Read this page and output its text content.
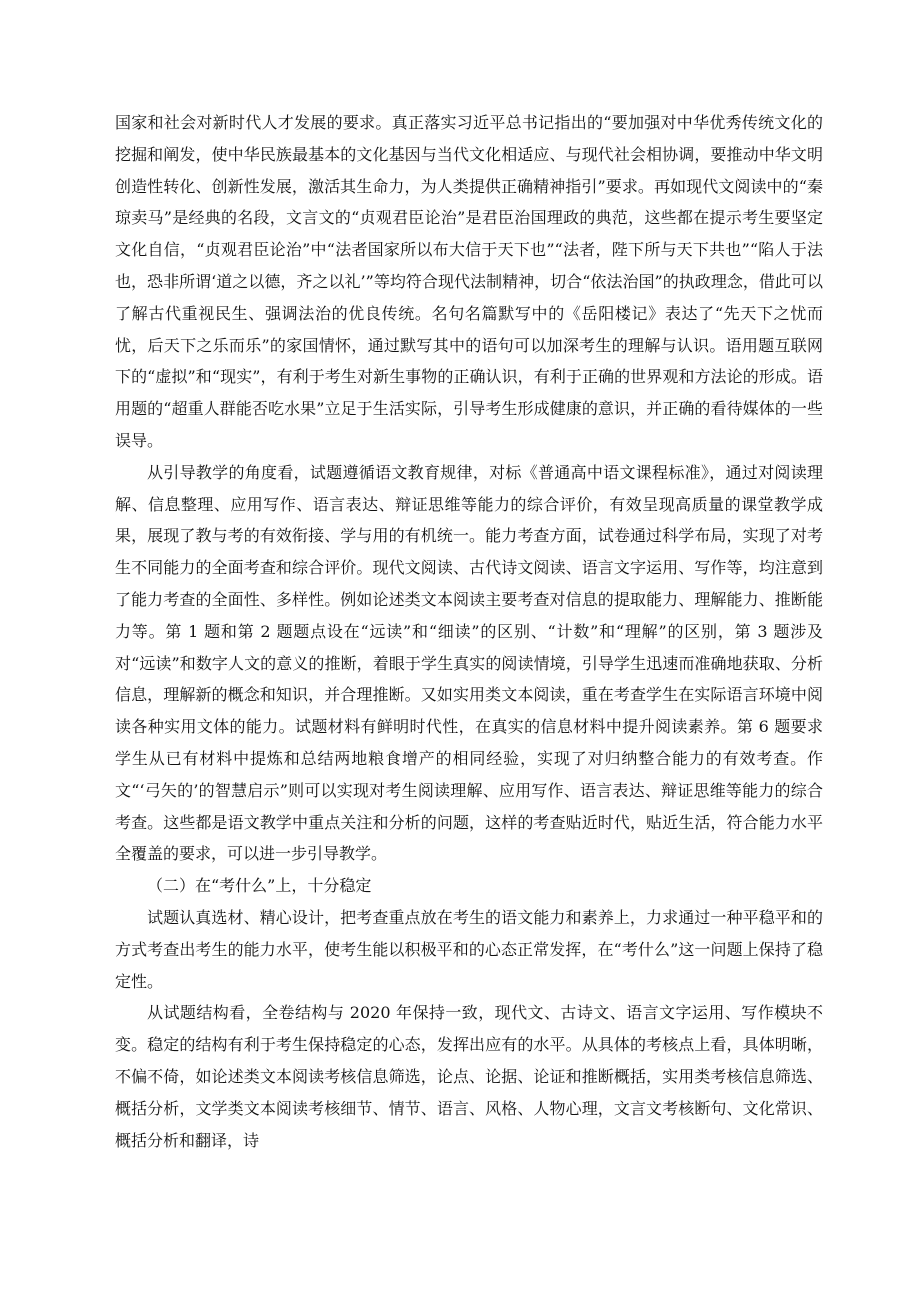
国家和社会对新时代人才发展的要求。真正落实习近平总书记指出的“要加强对中华优秀传统文化的挖掘和阐发，使中华民族最基本的文化基因与当代文化相适应、与现代社会相协调，要推动中华文明创造性转化、创新性发展，激活其生命力，为人类提供正确精神指引”要求。再如现代文阅读中的“秦琼卖马”是经典的名段，文言文的“贞观君臣论治”是君臣治国理政的典范，这些都在提示考生要坚定文化自信，“贞观君臣论治”中“法者国家所以布大信于天下也”“法者，陛下所与天下共也”“陷人于法也，恐非所谓‘道之以德，齐之以礼’”等均符合现代法制精神，切合“依法治国”的执政理念，借此可以了解古代重视民生、强调法治的优良传统。名句名篇默写中的《岳阳楼记》表达了“先天下之忧而忧，后天下之乐而乐”的家国情怀，通过默写其中的语句可以加深考生的理解与认识。语用题互联网下的“虚拟”和“现实”，有利于考生对新生事物的正确认识，有利于正确的世界观和方法论的形成。语用题的“超重人群能否吃水果”立足于生活实际，引导考生形成健康的意识，并正确的看待媒体的一些误导。

从引导教学的角度看，试题遵循语文教育规律，对标《普通高中语文课程标准》，通过对阅读理解、信息整理、应用写作、语言表达、辩证思维等能力的综合评价，有效呈现高质量的课堂教学成果，展现了教与考的有效衔接、学与用的有机统一。能力考查方面，试卷通过科学布局，实现了对考生不同能力的全面考查和综合评价。现代文阅读、古代诗文阅读、语言文字运用、写作等，均注意到了能力考查的全面性、多样性。例如论述类文本阅读主要考查对信息的提取能力、理解能力、推断能力等。第 1 题和第 2 题题点设在“远读”和“细读”的区别、“计数”和“理解”的区别，第 3 题涉及对“远读”和数字人文的意义的推断，着眼于学生真实的阅读情境，引导学生迅速而准确地获取、分析信息，理解新的概念和知识，并合理推断。又如实用类文本阅读，重在考查学生在实际语言环境中阅读各种实用文体的能力。试题材料有鲜明时代性，在真实的信息材料中提升阅读素养。第 6 题要求学生从已有材料中提炼和总结两地粮食增产的相同经验，实现了对归纳整合能力的有效考查。作文“‘弓矢的’的智慧启示”则可以实现对考生阅读理解、应用写作、语言表达、辩证思维等能力的综合考查。这些都是语文教学中重点关注和分析的问题，这样的考查贴近时代，贴近生活，符合能力水平全覆盖的要求，可以进一步引导教学。

（二）在“考什么”上，十分稳定

试题认真选材、精心设计，把考查重点放在考生的语文能力和素养上，力求通过一种平稳平和的方式考查出考生的能力水平，使考生能以积极平和的心态正常发挥，在“考什么”这一问题上保持了稳定性。

从试题结构看，全卷结构与 2020 年保持一致，现代文、古诗文、语言文字运用、写作模块不变。稳定的结构有利于考生保持稳定的心态，发挥出应有的水平。从具体的考核点上看，具体明晰，不偏不倚，如论述类文本阅读考核信息筛选，论点、论据、论证和推断概括，实用类考核信息筛选、概括分析，文学类文本阅读考核细节、情节、语言、风格、人物心理，文言文考核断句、文化常识、概括分析和翻译，诗
